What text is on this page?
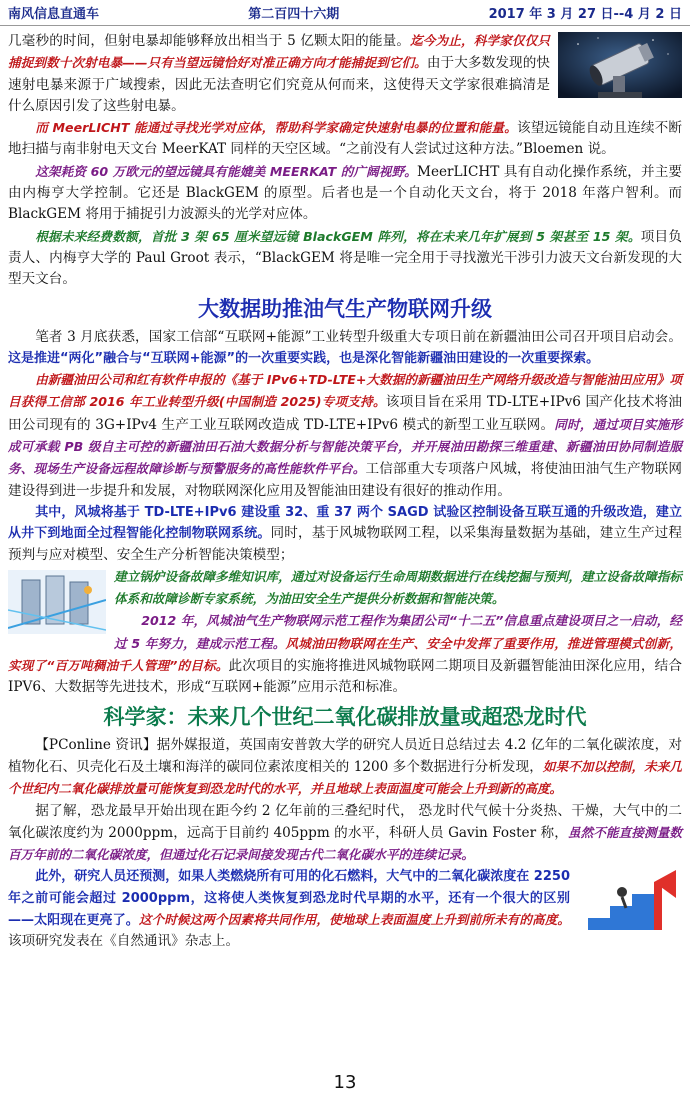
南风信息直通车	第二百四十六期	2017 年 3 月 27 日--4 月 2 日

几毫秒的时间，但射电暴却能够释放出相当于 5 亿颗太阳的能量。迄今为止，科学家仅仅只捕捉到数十次射电暴——只有当望远镜恰好对准正确方向才能捕捉到它们。由于大多数发现的快速射电暴来源于广域搜索，因此无法查明它们究竟从何而来，这使得天文学家很难搞清是什么原因引发了这些射电暴。

而 MeerLICHT 能通过寻找光学对应体，帮助科学家确定快速射电暴的位置和能量。该望远镜能自动且连续不断地扫描与南非射电天文台 MeerKAT 同样的天空区域。“之前没有人尝试过这种方法。”Bloemen 说。

这架耗资 60 万欧元的望远镜具有能媲美 MEERKAT 的广阔视野。MeerLICHT 具有自动化操作系统，并主要由内梅亨大学控制。它还是 BlackGEM 的原型。后者也是一个自动化天文台，将于 2018 年落户智利。而 BlackGEM 将用于捕捉引力波源头的光学对应体。

根据未来经费数额，首批 3 架 65 厘米望远镜 BlackGEM 阵列，将在未来几年扩展到 5 架甚至 15 架。项目负责人、内梅亨大学的 Paul Groot 表示，“BlackGEM 将是唯一完全用于寻找激光干涉引力波天文台新发现的大型天文台。

大数据助推油气生产物联网升级

笔者 3 月底获悉，国家工信部“互联网+能源”工业转型升级重大专项日前在新疆油田公司召开项目启动会。这是推进“两化”融合与“互联网+能源”的一次重要实践，也是深化智能新疆油田建设的一次重要探索。

由新疆油田公司和红有软件申报的《基于 IPv6+TD-LTE+大数据的新疆油田生产网络升级改造与智能油田应用》项目获得工信部 2016 年工业转型升级(中国制造 2025)专项支持。该项目旨在采用 TD-LTE+IPv6 国产化技术将油田公司现有的 3G+IPv4 生产工业互联网改造成 TD-LTE+IPv6 模式的新型工业互联网。同时，通过项目实施形成可承载 PB 级自主可控的新疆油田石油大数据分析与智能决策平台，并开展油田勘探三维重建、新疆油田协同制造服务、现场生产设备远程故障诊断与预警服务的高性能软件平台。工信部重大专项落户风城，将使油田油气生产物联网建设得到进一步提升和发展，对物联网深化应用及智能油田建设有很好的推动作用。

其中，风城将基于 TD-LTE+IPv6 建设重 32、重 37 两个 SAGD 试验区控制设备互联互通的升级改造，建立从井下到地面全过程智能化控制物联网系统。同时，基于风城物联网工程，以采集海量数据为基础，建立生产过程预判与应对模型、安全生产分析智能决策模型；

建立锅炉设备故障多维知识库，通过对设备运行生命周期数据进行在线挖掘与预判，建立设备故障指标体系和故障诊断专家系统，为油田安全生产提供分析数据和智能决策。

2012 年，风城油气生产物联网示范工程作为集团公司“十二五”信息重点建设项目之一启动，经过 5 年努力，建成示范工程。风城油田物联网在生产、安全中发挥了重要作用，推进管理模式创新，实现了“百万吨稠油千人管理”的目标。此次项目的实施将推进风城物联网二期项目及新疆智能油田深化应用，结合 IPV6、大数据等先进技术，形成“互联网+能源”应用示范和标准。

科学家：未来几个世纪二氧化碳排放量或超恐龙时代

【PConline 资讯】据外媒报道，英国南安普敦大学的研究人员近日总结过去 4.2 亿年的二氧化碳浓度，对植物化石、贝壳化石及土壤和海洋的碳同位素浓度相关的 1200 多个数据进行分析发现，如果不加以控制，未来几个世纪内二氧化碳排放量可能恢复到恐龙时代的水平，并且地球上表面温度可能会上升到新的高度。

据了解，恐龙最早开始出现在距今约 2 亿年前的三叠纪时代， 恐龙时代气候十分炎热、干燥，大气中的二氧化碳浓度约为 2000ppm，远高于目前约 405ppm 的水平，科研人员 Gavin Foster 称，虽然不能直接测量数百万年前的二氧化碳浓度，但通过化石记录间接发现古代二氧化碳水平的连续记录。

此外，研究人员还预测，如果人类燃烧所有可用的化石燃料，大气中的二氧化碳浓度在 2250 年之前可能会超过 2000ppm，这将使人类恢复到恐龙时代早期的水平，还有一个很大的区别——太阳现在更亮了。这个时候这两个因素将共同作用，使地球上表面温度上升到前所未有的高度。该项研究发表在《自然通讯》杂志上。

13
